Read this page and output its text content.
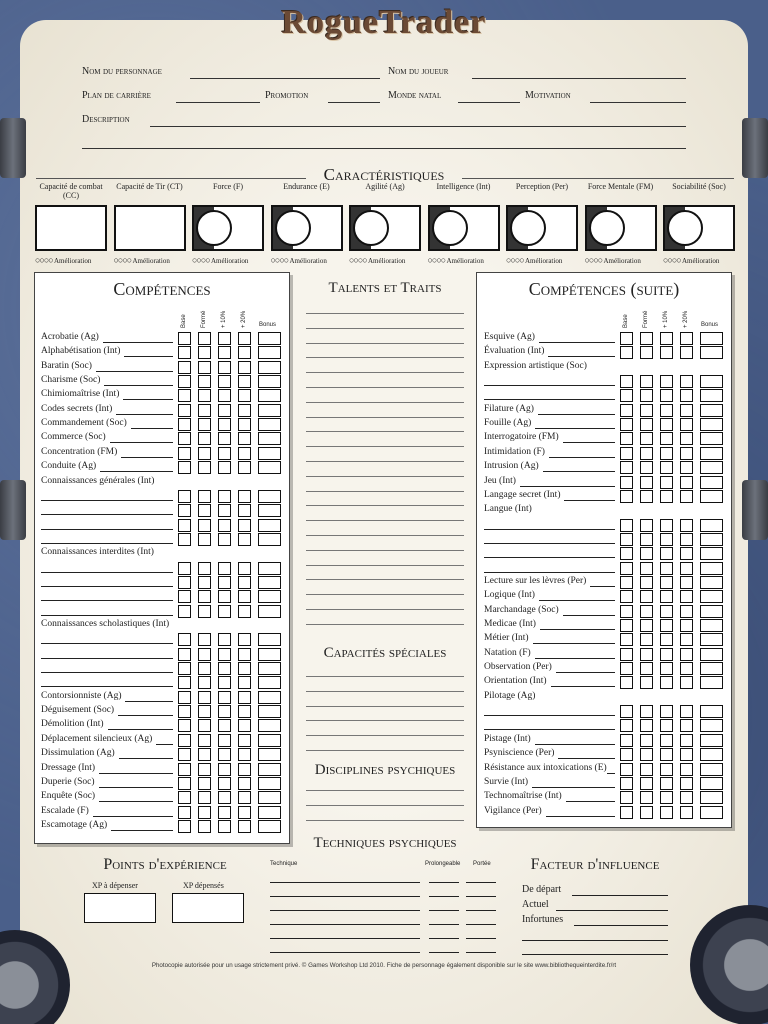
RogueTrader
Nom du personnage	Nom du joueur
Plan de carrière	Promotion	Monde natal	Motivation
Description
Caractéristiques
Capacité de combat (CC)
○○○○ Amélioration
Capacité de Tir (CT)
○○○○ Amélioration
Force (F)
○○○○ Amélioration
Endurance (E)
○○○○ Amélioration
Agilité (Ag)
○○○○ Amélioration
Intelligence (Int)
○○○○ Amélioration
Perception (Per)
○○○○ Amélioration
Force Mentale (FM)
○○○○ Amélioration
Sociabilité (Soc)
○○○○ Amélioration
Compétences
Base Formé + 10% + 20% Bonus
Acrobatie (Ag)
Alphabétisation (Int)
Baratin (Soc)
Charisme (Soc)
Chimiomaîtrise (Int)
Codes secrets (Int)
Commandement (Soc)
Commerce (Soc)
Concentration (FM)
Conduite (Ag)
Connaissances générales (Int)
Connaissances interdites (Int)
Connaissances scholastiques (Int)
Contorsionniste (Ag)
Déguisement (Soc)
Démolition (Int)
Déplacement silencieux (Ag)
Dissimulation (Ag)
Dressage (Int)
Duperie (Soc)
Enquête (Soc)
Escalade (F)
Escamotage (Ag)
Compétences (suite)
Base Formé + 10% + 20% Bonus
Esquive (Ag)
Évaluation (Int)
Expression artistique (Soc)
Filature (Ag)
Fouille (Ag)
Interrogatoire (FM)
Intimidation (F)
Intrusion (Ag)
Jeu (Int)
Langage secret (Int)
Langue (Int)
Lecture sur les lèvres (Per)
Logique (Int)
Marchandage (Soc)
Medicae (Int)
Métier (Int)
Natation (F)
Observation (Per)
Orientation (Int)
Pilotage (Ag)
Pistage (Int)
Psyniscience (Per)
Résistance aux intoxications (E)
Survie (Int)
Technomaîtrise (Int)
Vigilance (Per)
Talents et Traits
Capacités spéciales
Disciplines psychiques
Techniques psychiques
Points d'expérience
XP à dépenser	XP dépensés
Technique	Prolongeable Portée	Facteur d'influence
De départ
Actuel
Infortunes
Photocopie autorisée pour un usage strictement privé. © Games Workshop Ltd 2010. Fiche de personnage également disponible sur le site www.bibliothequeinterdite.fr/rt
